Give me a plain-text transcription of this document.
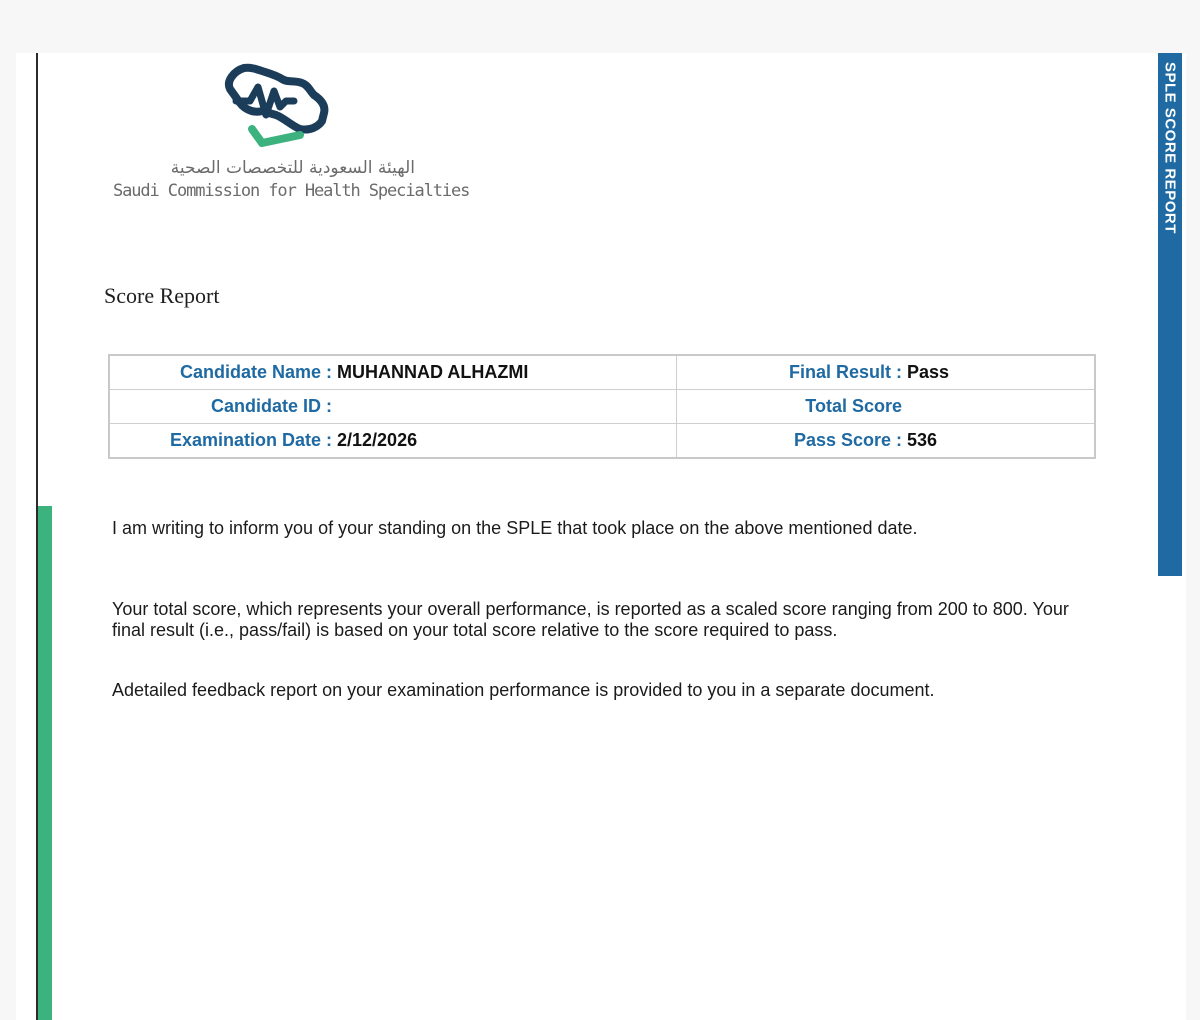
SPLE SCORE REPORT
الهيئة السعودية للتخصصات الصحية
Saudi Commission for Health Specialties
Score Report
Candidate Name : MUHANNAD ALHAZMI	Final Result : Pass
Candidate ID :	Total Score
Examination Date : 2/12/2026	Pass Score : 536
I am writing to inform you of your standing on the SPLE that took place on the above mentioned date.
Your total score, which represents your overall performance, is reported as a scaled score ranging from 200 to 800. Your final result (i.e., pass/fail) is based on your total score relative to the score required to pass.
Adetailed feedback report on your examination performance is provided to you in a separate document.
